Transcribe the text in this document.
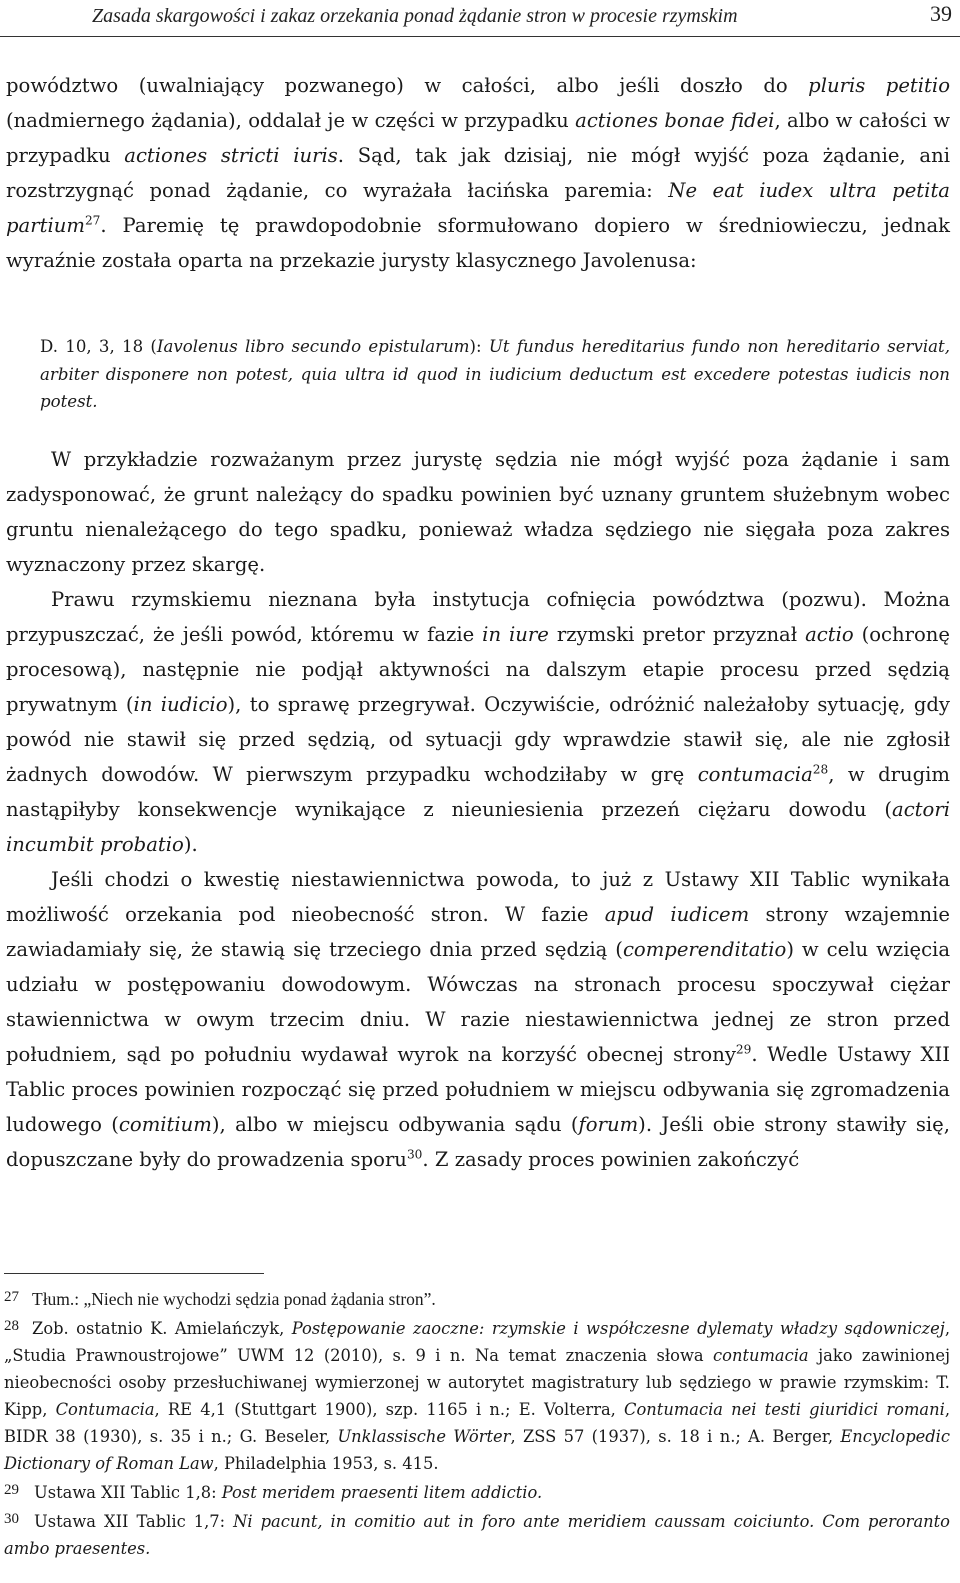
Zasada skargowości i zakaz orzekania ponad żądanie stron w procesie rzymskim	39

powództwo (uwalniający pozwanego) w całości, albo jeśli doszło do pluris petitio (nadmiernego żądania), oddalał je w części w przypadku actiones bonae fidei, albo w całości w przypadku actiones stricti iuris. Sąd, tak jak dzisiaj, nie mógł wyjść poza żądanie, ani rozstrzygnąć ponad żądanie, co wyrażała łacińska paremia: Ne eat iudex ultra petita partium$^{27}$. Paremię tę prawdopodobnie sformułowano dopiero w średniowieczu, jednak wyraźnie została oparta na przekazie jurysty klasycznego Javolenusa:

D. 10, 3, 18 (Iavolenus libro secundo epistularum): Ut fundus hereditarius fundo non hereditario serviat, arbiter disponere non potest, quia ultra id quod in iudicium deductum est excedere potestas iudicis non potest.

W przykładzie rozważanym przez jurystę sędzia nie mógł wyjść poza żądanie i sam zadysponować, że grunt należący do spadku powinien być uznany gruntem służebnym wobec gruntu nienależącego do tego spadku, ponieważ władza sędziego nie sięgała poza zakres wyznaczony przez skargę.

Prawu rzymskiemu nieznana była instytucja cofnięcia powództwa (pozwu). Można przypuszczać, że jeśli powód, któremu w fazie in iure rzymski pretor przyznał actio (ochronę procesową), następnie nie podjął aktywności na dalszym etapie procesu przed sędzią prywatnym (in iudicio), to sprawę przegrywał. Oczywiście, odróżnić należałoby sytuację, gdy powód nie stawił się przed sędzią, od sytuacji gdy wprawdzie stawił się, ale nie zgłosił żadnych dowodów. W pierwszym przypadku wchodziłaby w grę contumacia$^{28}$, w drugim nastąpiłyby konsekwencje wynikające z nieuniesienia przezeń ciężaru dowodu (actori incumbit probatio).

Jeśli chodzi o kwestię niestawiennictwa powoda, to już z Ustawy XII Tablic wynikała możliwość orzekania pod nieobecność stron. W fazie apud iudicem strony wzajemnie zawiadamiały się, że stawią się trzeciego dnia przed sędzią (comperenditatio) w celu wzięcia udziału w postępowaniu dowodowym. Wówczas na stronach procesu spoczywał ciężar stawiennictwa w owym trzecim dniu. W razie niestawiennictwa jednej ze stron przed południem, sąd po południu wydawał wyrok na korzyść obecnej strony$^{29}$. Wedle Ustawy XII Tablic proces powinien rozpocząć się przed południem w miejscu odbywania się zgromadzenia ludowego (comitium), albo w miejscu odbywania sądu (forum). Jeśli obie strony stawiły się, dopuszczane były do prowadzenia sporu$^{30}$. Z zasady proces powinien zakończyć

27 Tłum.: „Niech nie wychodzi sędzia ponad żądania stron”.

28 Zob. ostatnio K. Amielańczyk, Postępowanie zaoczne: rzymskie i współczesne dylematy władzy sądowniczej, „Studia Prawnoustrojowe” UWM 12 (2010), s. 9 i n. Na temat znaczenia słowa contumacia jako zawinionej nieobecności osoby przesłuchiwanej wymierzonej w autorytet magistratury lub sędziego w prawie rzymskim: T. Kipp, Contumacia, RE 4,1 (Stuttgart 1900), szp. 1165 i n.; E. Volterra, Contumacia nei testi giuridici romani, BIDR 38 (1930), s. 35 i n.; G. Beseler, Unklassische Wörter, ZSS 57 (1937), s. 18 i n.; A. Berger, Encyclopedic Dictionary of Roman Law, Philadelphia 1953, s. 415.

29 Ustawa XII Tablic 1,8: Post meridem praesenti litem addictio.

30 Ustawa XII Tablic 1,7: Ni pacunt, in comitio aut in foro ante meridiem caussam coiciunto. Com peroranto ambo praesentes.
